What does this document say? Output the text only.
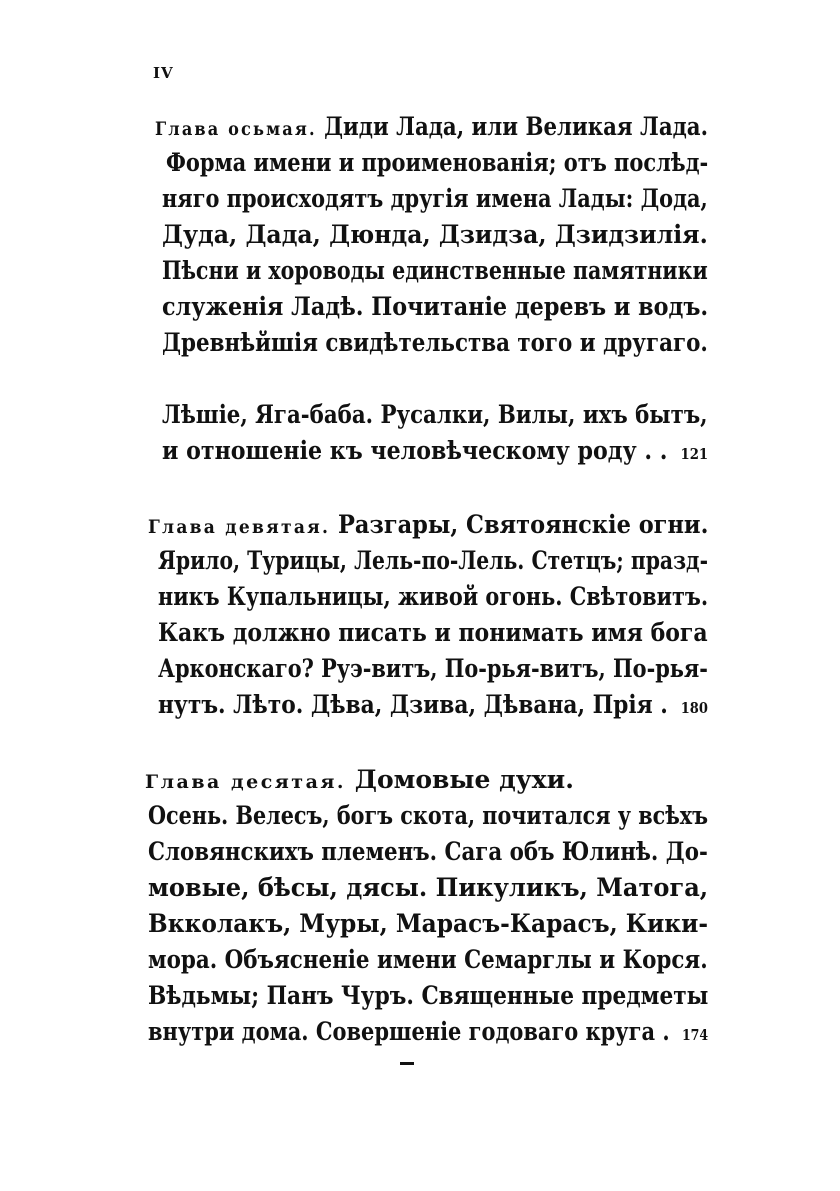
IV
Глава осьмая. Диди Лада, или Великая Лада.
Форма имени и проименованія; отъ послѣд-
няго происходятъ другія имена Лады: Дода,
Дуда, Дада, Дюнда, Дзидза, Дзидзилія.
Пѣсни и хороводы единственные памятники
служенія Ладѣ. Почитаніе деревъ и водъ.
Древнѣйшія свидѣтельства того и другаго.
Лѣшіе, Яга-баба. Русалки, Вилы, ихъ бытъ,
и отношеніе къ человѣческому роду . . 121
Глава девятая. Разгары, Святоянскіе огни.
Ярило, Турицы, Лель-по-Лель. Стетцъ; празд-
никъ Купальницы, живой огонь. Свѣтовитъ.
Какъ должно писать и понимать имя бога
Арконскаго? Руэ-витъ, По-рья-витъ, По-рья-
нутъ. Лѣто. Дѣва, Дзива, Дѣвана, Прія . 180
Глава десятая. Домовые духи.
Осень. Велесъ, богъ скота, почитался у всѣхъ
Словянскихъ племенъ. Сага объ Юлинѣ. До-
мовые, бѣсы, дясы. Пикуликъ, Матога,
Вкколакъ, Муры, Марасъ-Карасъ, Кики-
мора. Объясненіе имени Семарглы и Корся.
Вѣдьмы; Панъ Чуръ. Священные предметы
внутри дома. Совершеніе годоваго круга . 174
